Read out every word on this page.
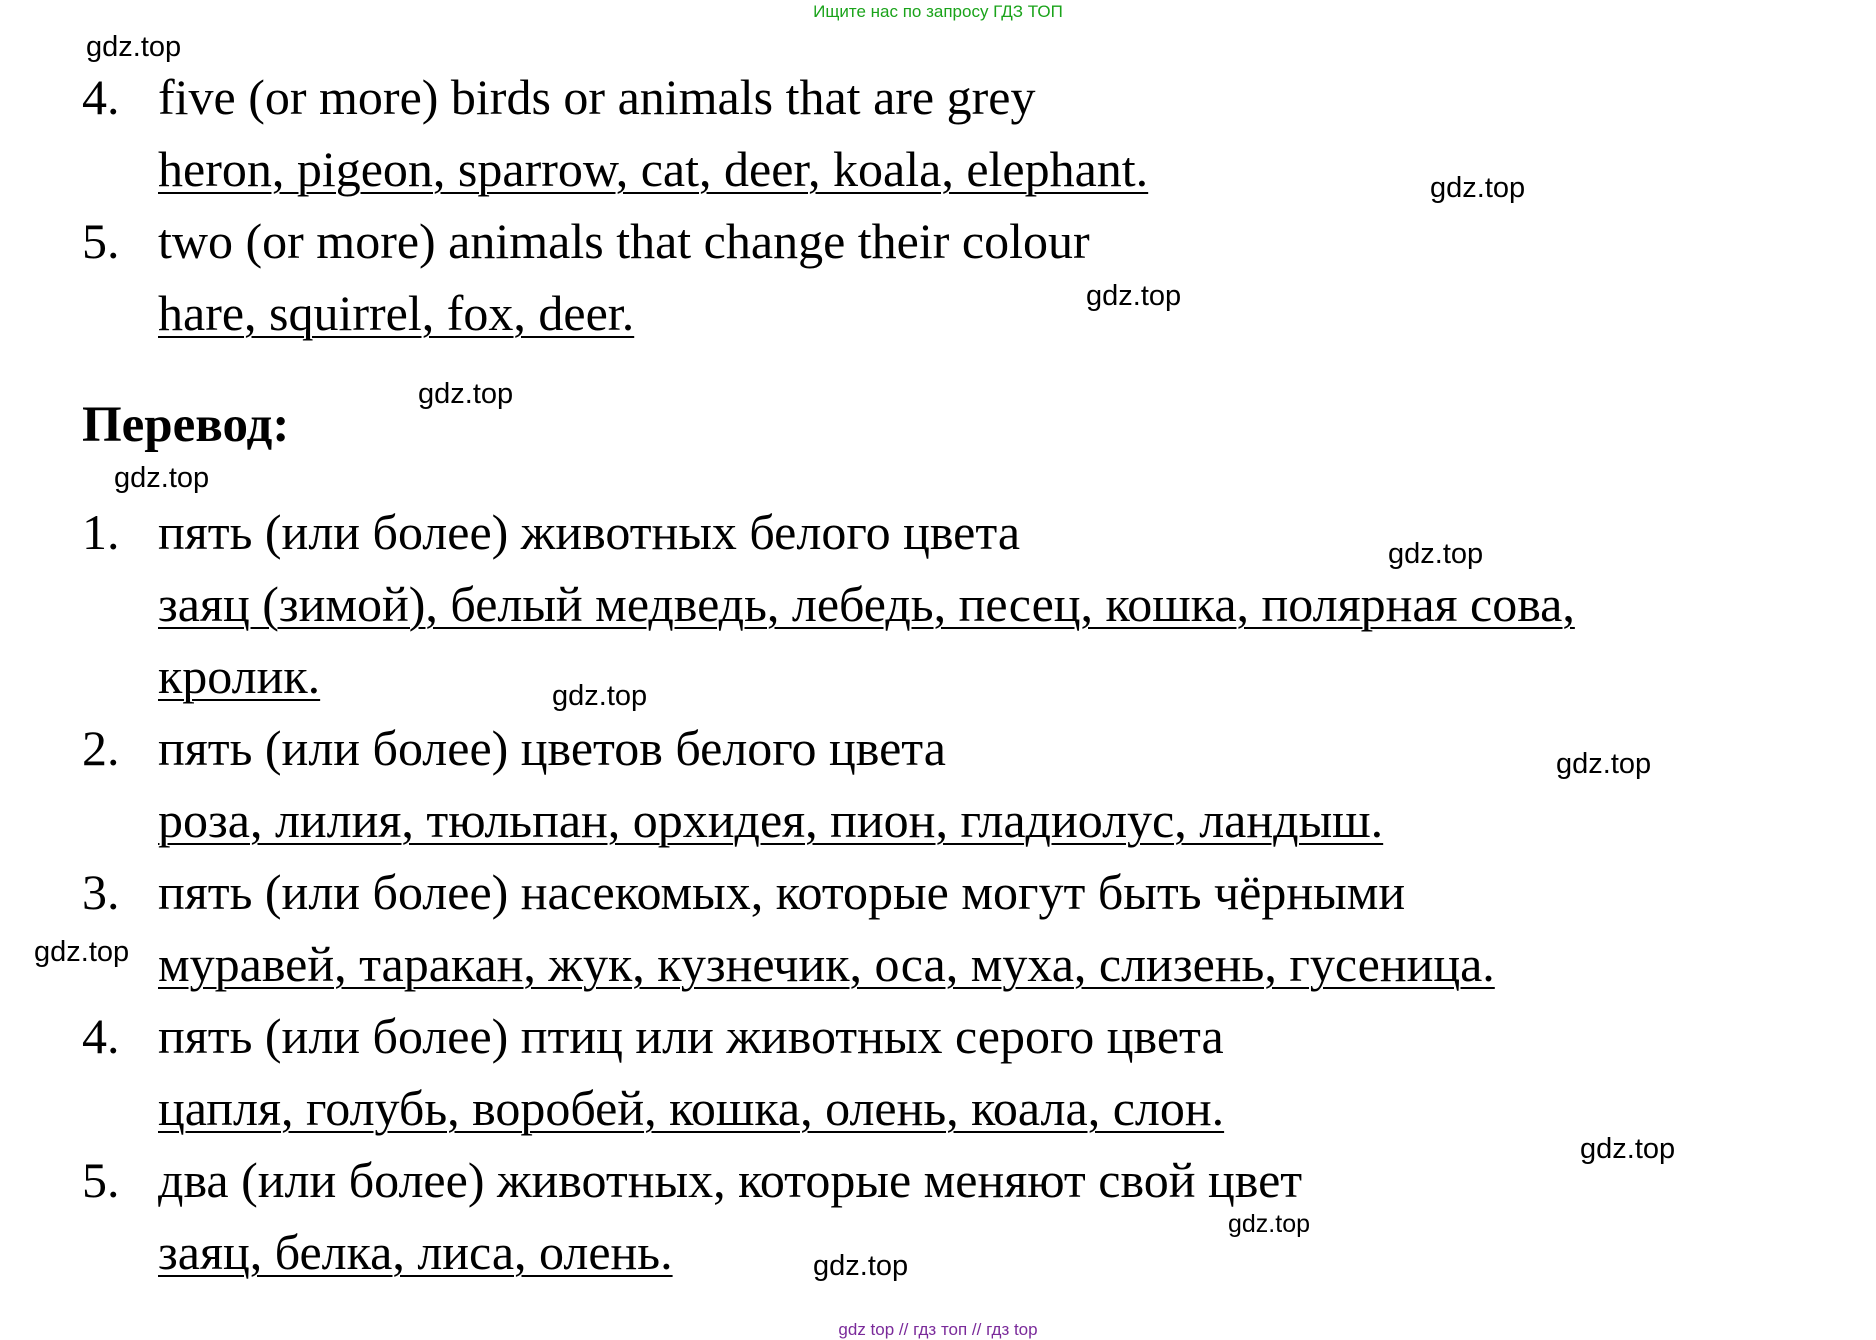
Ищите нас по запросу ГДЗ ТОП
4. five (or more) birds or animals that are grey
heron, pigeon, sparrow, cat, deer, koala, elephant.
5. two (or more) animals that change their colour
hare, squirrel, fox, deer.
Перевод:
1. пять (или более) животных белого цвета
заяц (зимой), белый медведь, лебедь, песец, кошка, полярная сова,
кролик.
2. пять (или более) цветов белого цвета
роза, лилия, тюльпан, орхидея, пион, гладиолус, ландыш.
3. пять (или более) насекомых, которые могут быть чёрными
муравей, таракан, жук, кузнечик, оса, муха, слизень, гусеница.
4. пять (или более) птиц или животных серого цвета
цапля, голубь, воробей, кошка, олень, коала, слон.
5. два (или более) животных, которые меняют свой цвет
заяц, белка, лиса, олень.
gdz.top
gdz.top
gdz.top
gdz.top
gdz.top
gdz.top
gdz.top
gdz.top
gdz.top
gdz.top
gdz.top
gdz.top
gdz top // гдз топ // гдз top
